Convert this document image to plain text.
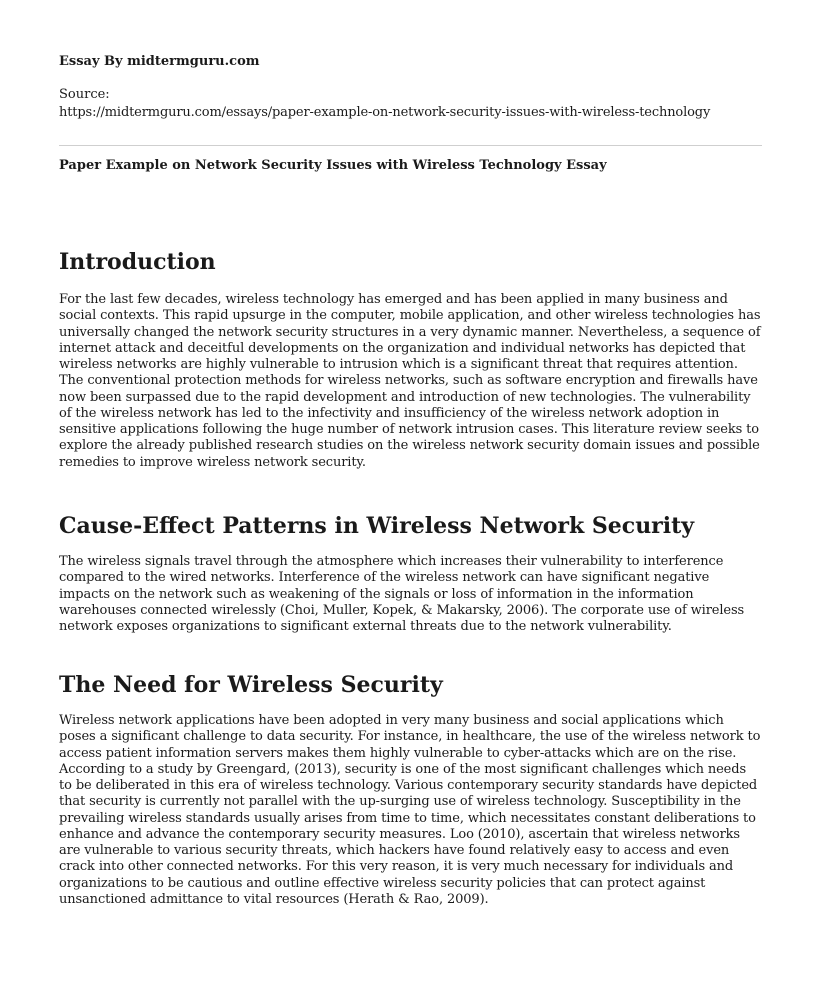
Essay By midtermguru.com
Source:
https://midtermguru.com/essays/paper-example-on-network-security-issues-with-wireless-technology
Paper Example on Network Security Issues with Wireless Technology Essay
Introduction

For the last few decades, wireless technology has emerged and has been applied in many business and social contexts. This rapid upsurge in the computer, mobile application, and other wireless technologies has universally changed the network security structures in a very dynamic manner. Nevertheless, a sequence of internet attack and deceitful developments on the organization and individual networks has depicted that wireless networks are highly vulnerable to intrusion which is a significant threat that requires attention. The conventional protection methods for wireless networks, such as software encryption and firewalls have now been surpassed due to the rapid development and introduction of new technologies. The vulnerability of the wireless network has led to the infectivity and insufficiency of the wireless network adoption in sensitive applications following the huge number of network intrusion cases. This literature review seeks to explore the already published research studies on the wireless network security domain issues and possible remedies to improve wireless network security.

Cause-Effect Patterns in Wireless Network Security

The wireless signals travel through the atmosphere which increases their vulnerability to interference compared to the wired networks. Interference of the wireless network can have significant negative impacts on the network such as weakening of the signals or loss of information in the information warehouses connected wirelessly (Choi, Muller, Kopek, & Makarsky, 2006). The corporate use of wireless network exposes organizations to significant external threats due to the network vulnerability.

The Need for Wireless Security

Wireless network applications have been adopted in very many business and social applications which poses a significant challenge to data security. For instance, in healthcare, the use of the wireless network to access patient information servers makes them highly vulnerable to cyber-attacks which are on the rise. According to a study by Greengard, (2013), security is one of the most significant challenges which needs to be deliberated in this era of wireless technology. Various contemporary security standards have depicted that security is currently not parallel with the up-surging use of wireless technology. Susceptibility in the prevailing wireless standards usually arises from time to time, which necessitates constant deliberations to enhance and advance the contemporary security measures. Loo (2010), ascertain that wireless networks are vulnerable to various security threats, which hackers have found relatively easy to access and even crack into other connected networks. For this very reason, it is very much necessary for individuals and organizations to be cautious and outline effective wireless security policies that can protect against unsanctioned admittance to vital resources (Herath & Rao, 2009).
